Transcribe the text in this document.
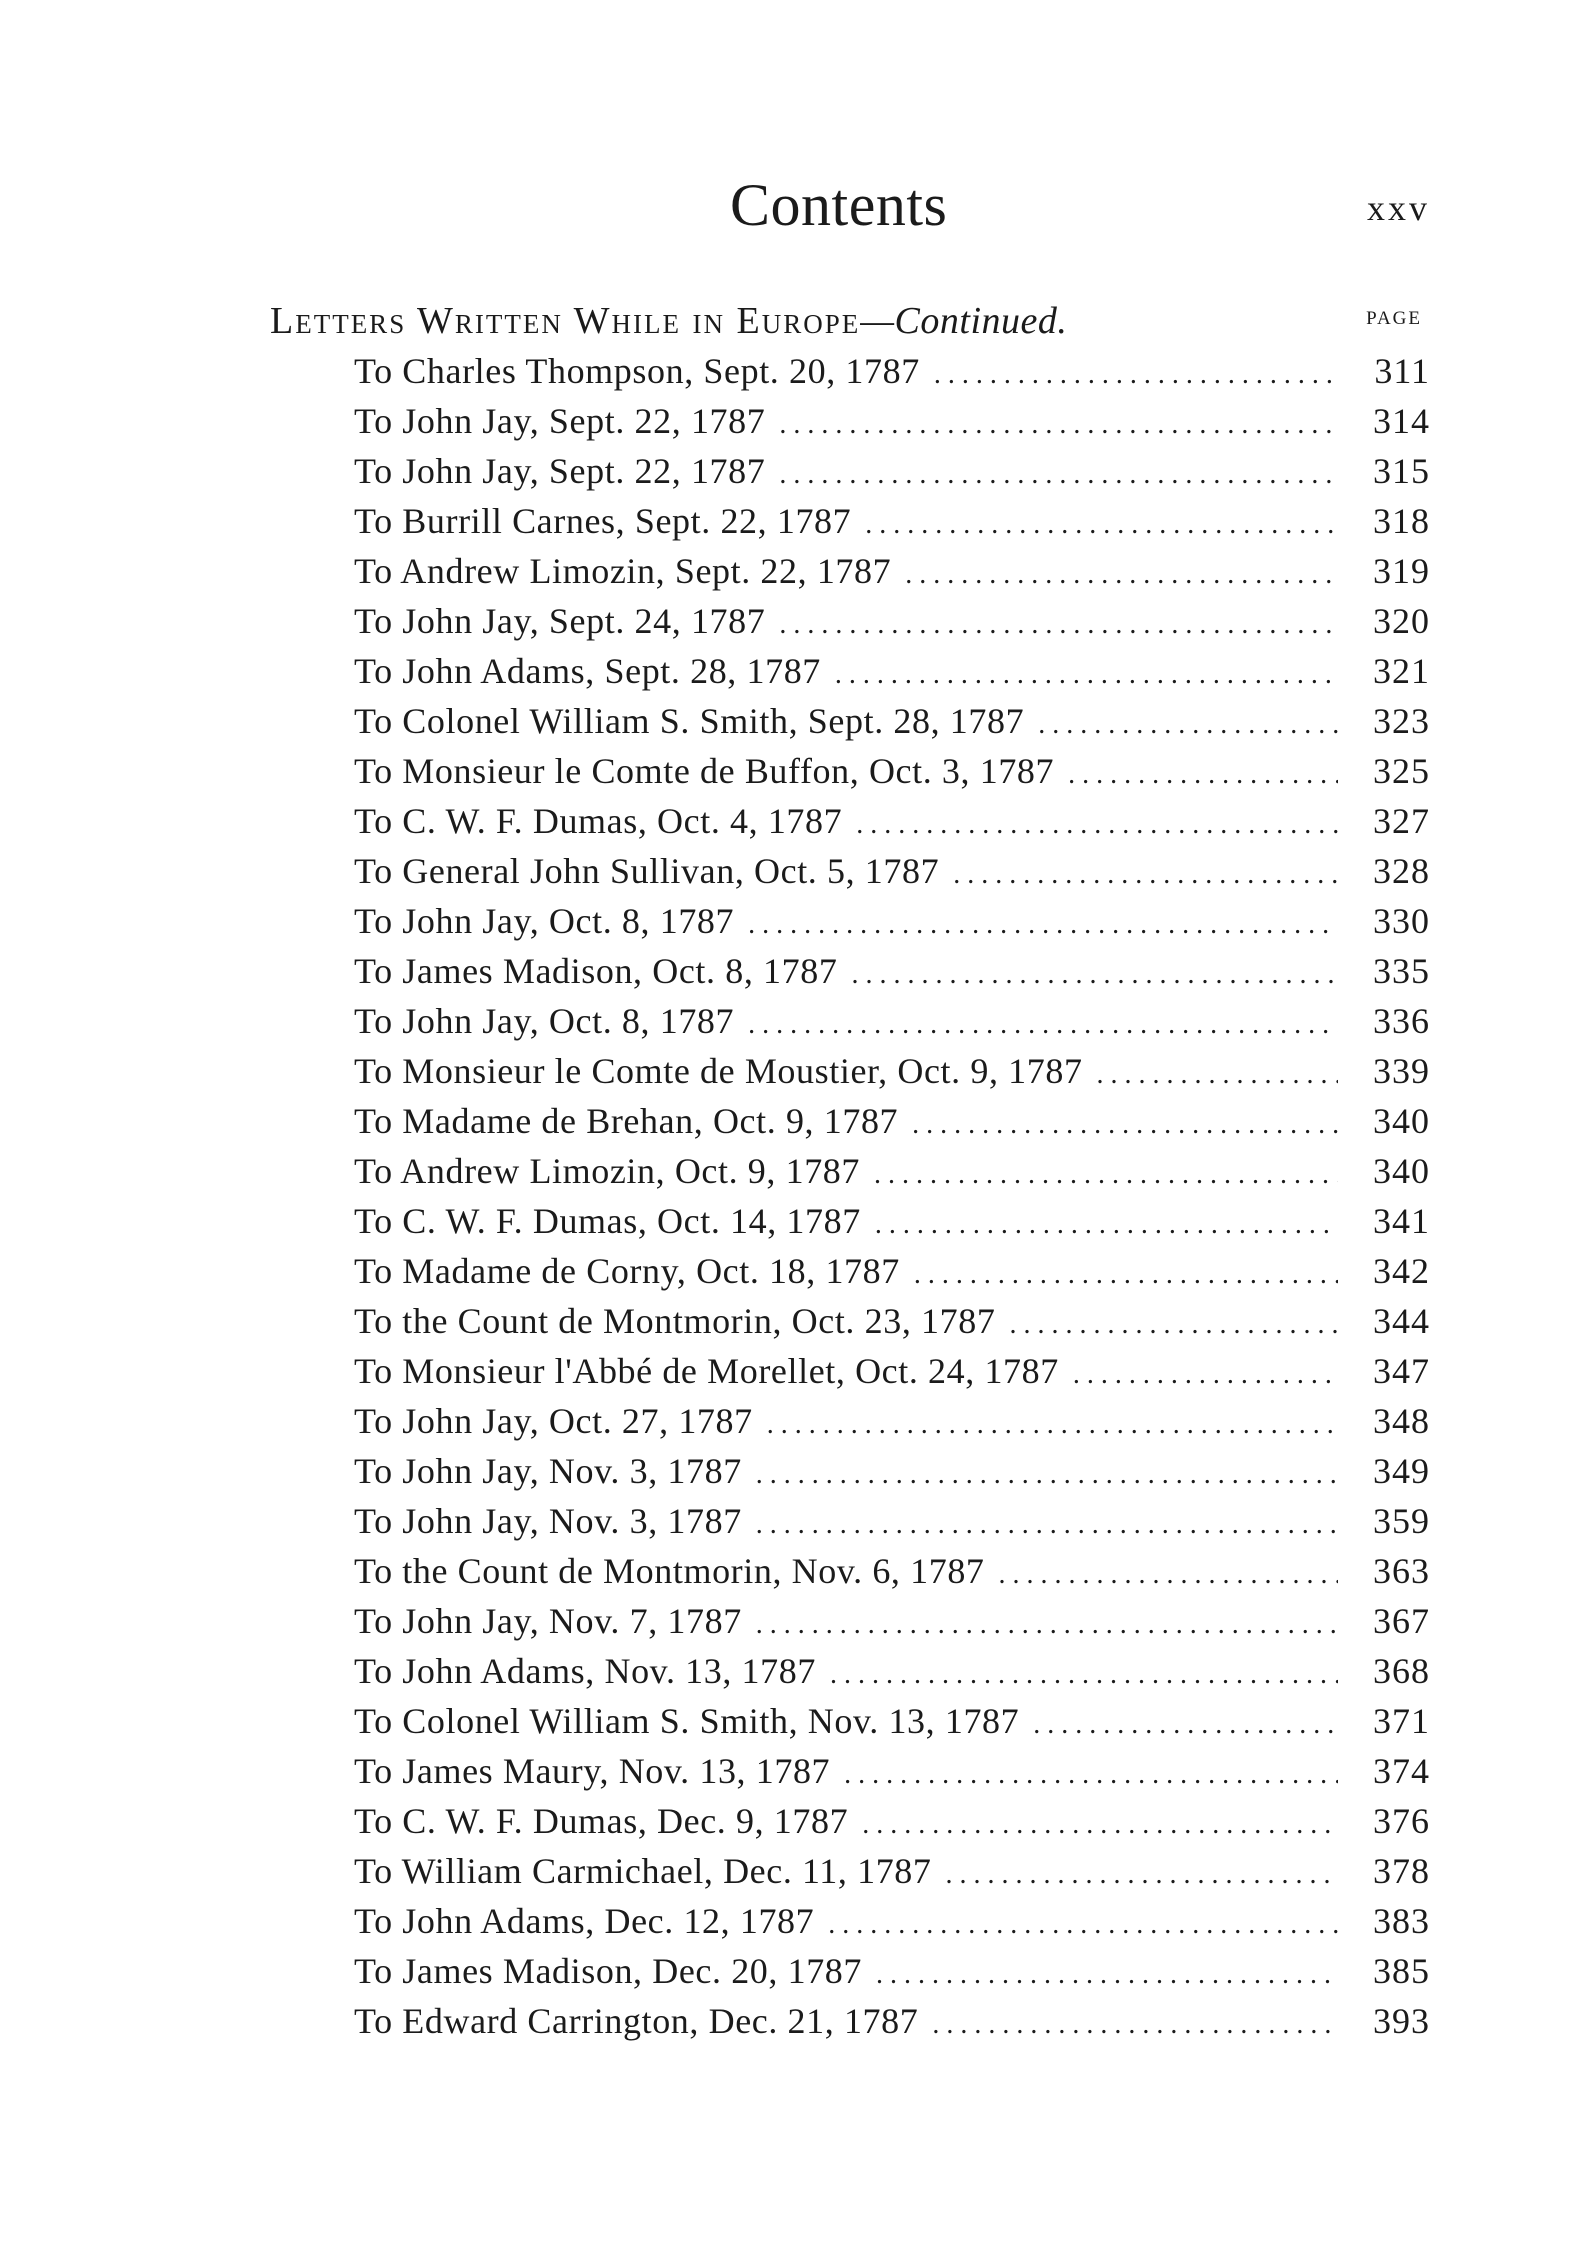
Contents	xxv
Letters Written While in Europe—Continued.	PAGE
To Charles Thompson, Sept. 20, 1787 . . .	311
To John Jay, Sept. 22, 1787 . . .	314
To John Jay, Sept. 22, 1787 . . .	315
To Burrill Carnes, Sept. 22, 1787 . . .	318
To Andrew Limozin, Sept. 22, 1787 . . .	319
To John Jay, Sept. 24, 1787 . . .	320
To John Adams, Sept. 28, 1787 . . .	321
To Colonel William S. Smith, Sept. 28, 1787 . . .	323
To Monsieur le Comte de Buffon, Oct. 3, 1787 . . .	325
To C. W. F. Dumas, Oct. 4, 1787 . . .	327
To General John Sullivan, Oct. 5, 1787 . . .	328
To John Jay, Oct. 8, 1787 . . .	330
To James Madison, Oct. 8, 1787 . . .	335
To John Jay, Oct. 8, 1787 . . .	336
To Monsieur le Comte de Moustier, Oct. 9, 1787 . . .	339
To Madame de Brehan, Oct. 9, 1787 . . .	340
To Andrew Limozin, Oct. 9, 1787 . . .	340
To C. W. F. Dumas, Oct. 14, 1787 . . .	341
To Madame de Corny, Oct. 18, 1787 . . .	342
To the Count de Montmorin, Oct. 23, 1787 . . .	344
To Monsieur l'Abbé de Morellet, Oct. 24, 1787 . . .	347
To John Jay, Oct. 27, 1787 . . .	348
To John Jay, Nov. 3, 1787 . . .	349
To John Jay, Nov. 3, 1787 . . .	359
To the Count de Montmorin, Nov. 6, 1787 . . .	363
To John Jay, Nov. 7, 1787 . . .	367
To John Adams, Nov. 13, 1787 . . .	368
To Colonel William S. Smith, Nov. 13, 1787 . . .	371
To James Maury, Nov. 13, 1787 . . .	374
To C. W. F. Dumas, Dec. 9, 1787 . . .	376
To William Carmichael, Dec. 11, 1787 . . .	378
To John Adams, Dec. 12, 1787 . . .	383
To James Madison, Dec. 20, 1787 . . .	385
To Edward Carrington, Dec. 21, 1787 . . .	393
